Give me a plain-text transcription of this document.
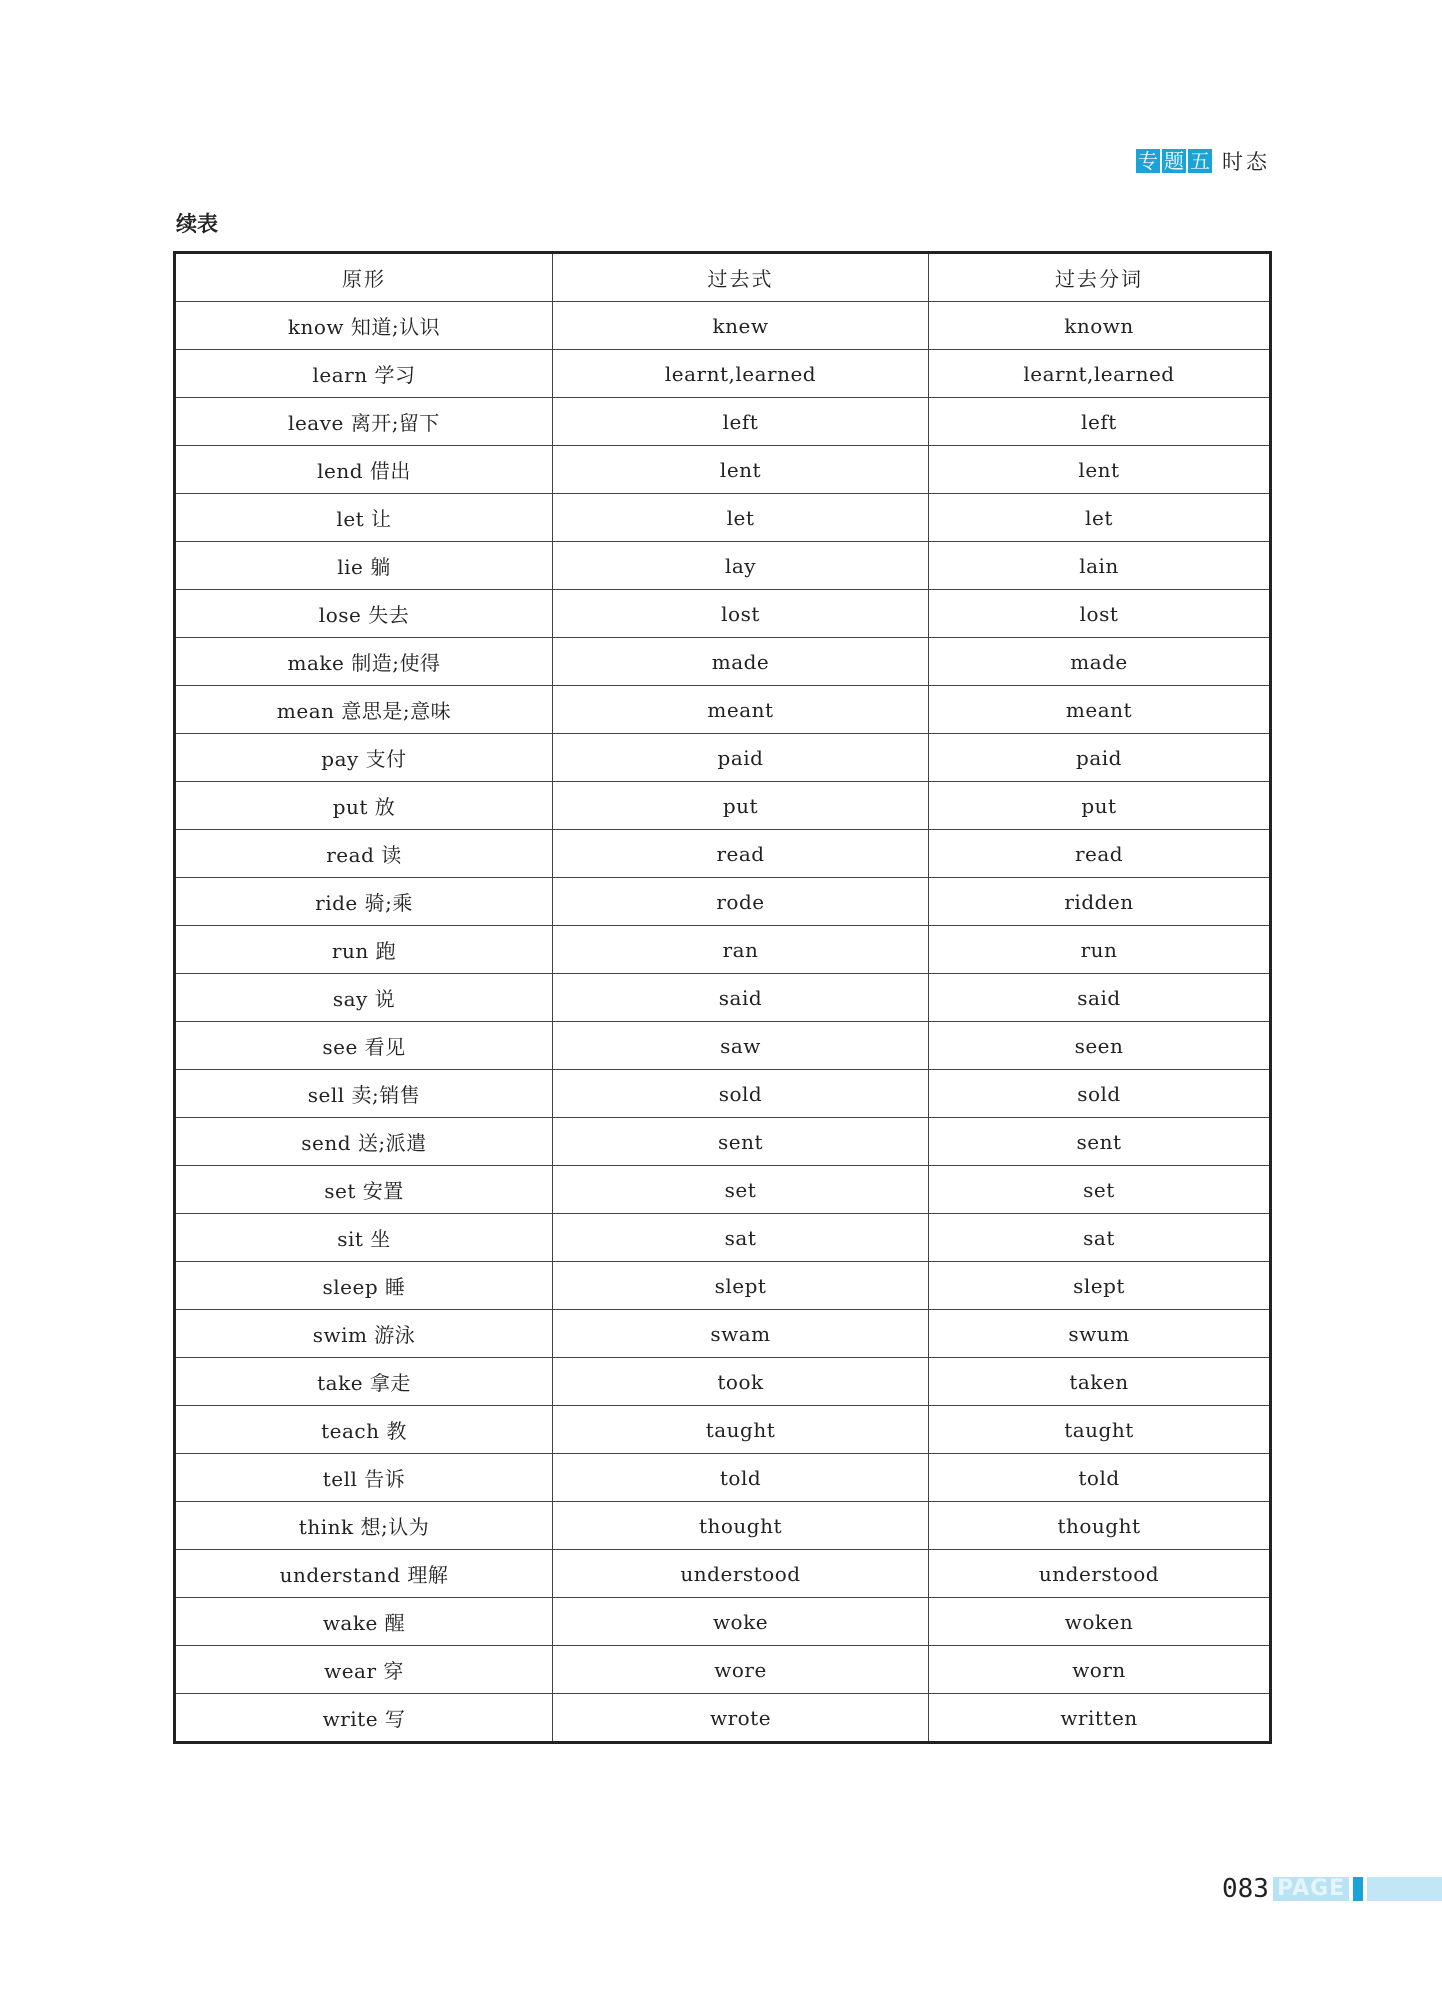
专 题 五 时态
续表
原形	过去式	过去分词
know 知道;认识	knew	known
learn 学习	learnt,learned	learnt,learned
leave 离开;留下	left	left
lend 借出	lent	lent
let 让	let	let
lie 躺	lay	lain
lose 失去	lost	lost
make 制造;使得	made	made
mean 意思是;意味	meant	meant
pay 支付	paid	paid
put 放	put	put
read 读	read	read
ride 骑;乘	rode	ridden
run 跑	ran	run
say 说	said	said
see 看见	saw	seen
sell 卖;销售	sold	sold
send 送;派遣	sent	sent
set 安置	set	set
sit 坐	sat	sat
sleep 睡	slept	slept
swim 游泳	swam	swum
take 拿走	took	taken
teach 教	taught	taught
tell 告诉	told	told
think 想;认为	thought	thought
understand 理解	understood	understood
wake 醒	woke	woken
wear 穿	wore	worn
write 写	wrote	written
083 PAGE
